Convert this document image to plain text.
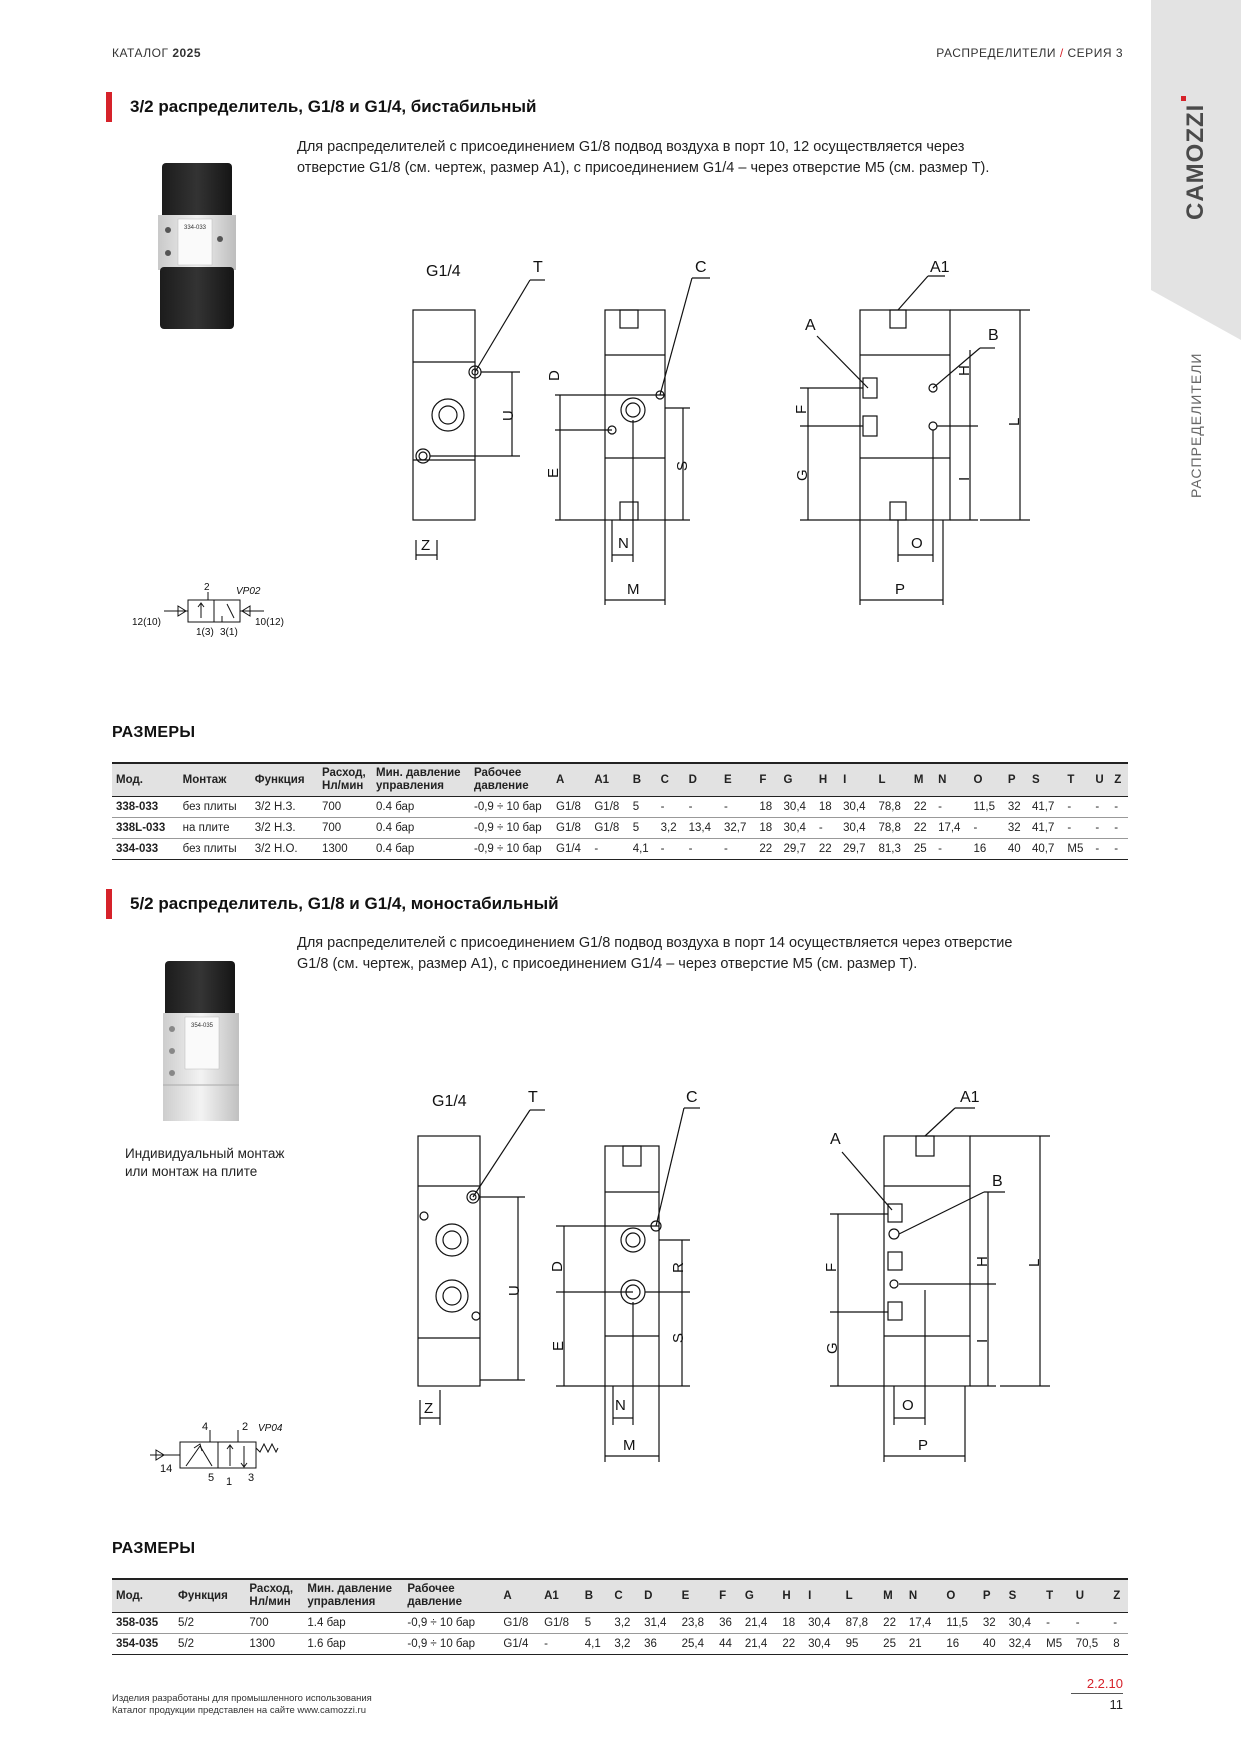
КАТАЛОГ 2025	РАСПРЕДЕЛИТЕЛИ / СЕРИЯ 3
CAMOZZI
РАСПРЕДЕЛИТЕЛИ
3/2 распределитель, G1/8 и G1/4, бистабильный
Для распределителей с присоединением G1/8 подвод воздуха в порт 10, 12 осуществляется через
отверстие G1/8 (см. чертеж, размер A1), с присоединением G1/4 – через отверстие M5 (см. размер T).
334-033
G1/4	T
U
Z
C
D
E
S
N
M
A1
A
B
F
G
H
I
L
O
P
2	VP02
12(10)	10(12)
1(3) 3(1)
РАЗМЕРЫ
Мод.	Монтаж	Функция	Расход, Нл/мин	Мин. давление управления	Рабочее давление	A	A1	B	C	D	E	F	G	H	I	L	M	N	O	P	S	T	U	Z
338-033	без плиты	3/2 Н.З.	700	0.4 бар	-0,9 ÷ 10 бар	G1/8	G1/8	5	-	-	-	18	30,4	18	30,4	78,8	22	-	11,5	32	41,7	-	-	-
338L-033	на плите	3/2 Н.З.	700	0.4 бар	-0,9 ÷ 10 бар	G1/8	G1/8	5	3,2	13,4	32,7	18	30,4	-	30,4	78,8	22	17,4	-	32	41,7	-	-	-
334-033	без плиты	3/2 Н.О.	1300	0.4 бар	-0,9 ÷ 10 бар	G1/4	-	4,1	-	-	-	22	29,7	22	29,7	81,3	25	-	16	40	40,7	M5	-	-
5/2 распределитель, G1/8 и G1/4, моностабильный
Для распределителей с присоединением G1/8 подвод воздуха в порт 14 осуществляется через отверстие
G1/8 (см. чертеж, размер A1), с присоединением G1/4 – через отверстие M5 (см. размер T).
354-035
Индивидуальный монтаж или монтаж на плите
G1/4	T
U
Z
C
D	R
E
S
N
M
A1
A
B
F
G
H
I
L
O
P
4	2 VP04
14
5 1 3
РАЗМЕРЫ
Мод.	Функция	Расход, Нл/мин	Мин. давление управления	Рабочее давление	A	A1	B	C	D	E	F	G	H	I	L	M	N	O	P	S	T	U	Z
358-035	5/2	700	1.4 бар	-0,9 ÷ 10 бар	G1/8	G1/8	5	3,2	31,4	23,8	36	21,4	18	30,4	87,8	22	17,4	11,5	32	30,4	-	-	-
354-035	5/2	1300	1.6 бар	-0,9 ÷ 10 бар	G1/4	-	4,1	3,2	36	25,4	44	21,4	22	30,4	95	25	21	16	40	32,4	M5	70,5	8
Изделия разработаны для промышленного использования
Каталог продукции представлен на сайте www.camozzi.ru
2.2.10
11
